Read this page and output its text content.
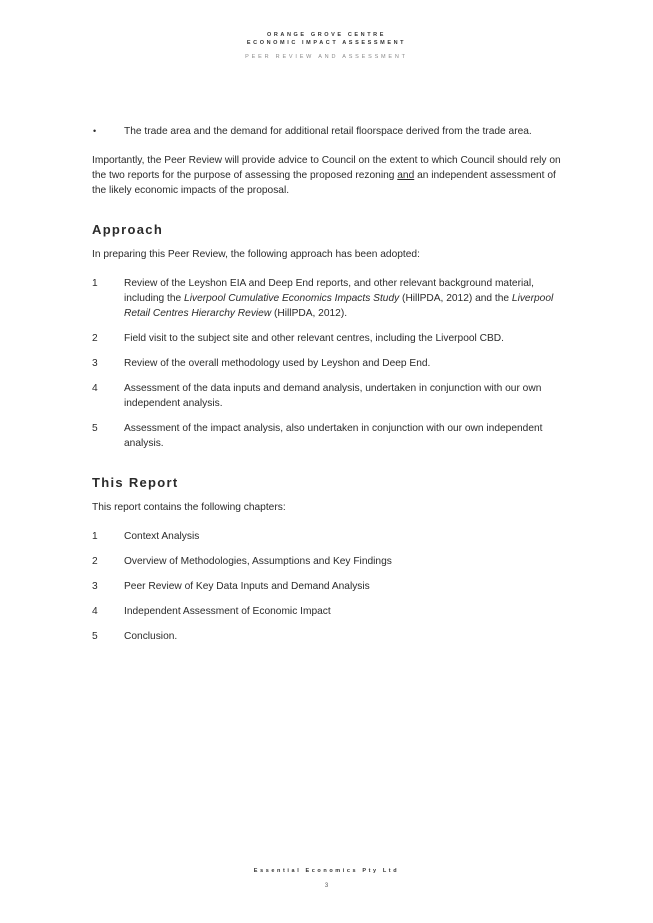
ORANGE GROVE CENTRE
ECONOMIC IMPACT ASSESSMENT
PEER REVIEW AND ASSESSMENT
•	The trade area and the demand for additional retail floorspace derived from the trade area.

Importantly, the Peer Review will provide advice to Council on the extent to which Council should rely on the two reports for the purpose of assessing the proposed rezoning and an independent assessment of the likely economic impacts of the proposal.

Approach

In preparing this Peer Review, the following approach has been adopted:

1	Review of the Leyshon EIA and Deep End reports, and other relevant background material, including the Liverpool Cumulative Economics Impacts Study (HillPDA, 2012) and the Liverpool Retail Centres Hierarchy Review (HillPDA, 2012).
2	Field visit to the subject site and other relevant centres, including the Liverpool CBD.
3	Review of the overall methodology used by Leyshon and Deep End.
4	Assessment of the data inputs and demand analysis, undertaken in conjunction with our own independent analysis.
5	Assessment of the impact analysis, also undertaken in conjunction with our own independent analysis.
This Report

This report contains the following chapters:

1	Context Analysis
2	Overview of Methodologies, Assumptions and Key Findings
3	Peer Review of Key Data Inputs and Demand Analysis
4	Independent Assessment of Economic Impact
5	Conclusion.
Essential Economics Pty Ltd
3
